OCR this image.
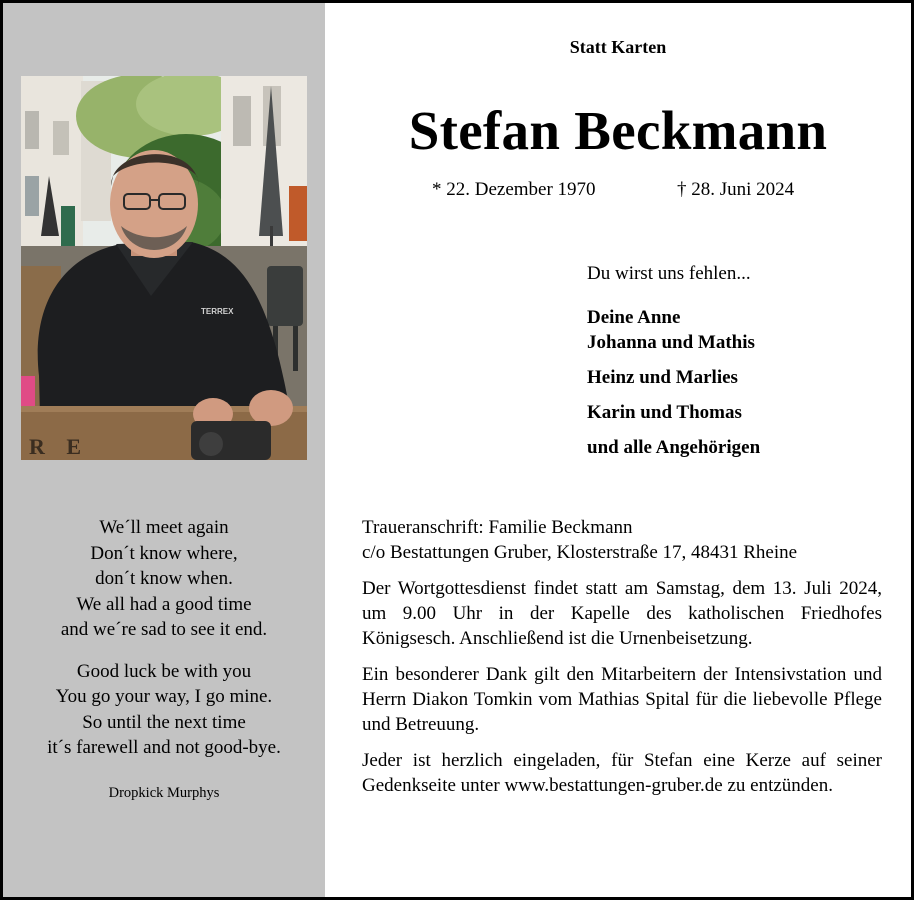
TERREX
R E
We´ll meet again
Don´t know where,
don´t know when.
We all had a good time
and we´re sad to see it end.
Good luck be with you
You go your way, I go mine.
So until the next time
it´s farewell and not good-bye.
Dropkick Murphys
Statt Karten
Stefan Beckmann
* 22. Dezember 1970	† 28. Juni 2024
Du wirst uns fehlen...
Deine Anne
Johanna und Mathis
Heinz und Marlies
Karin und Thomas
und alle Angehörigen

Traueranschrift: Familie Beckmann
c/o Bestattungen Gruber, Klosterstraße 17, 48431 Rheine

Der Wortgottesdienst findet statt am Samstag, dem 13. Juli 2024, um 9.00 Uhr in der Kapelle des katholischen Friedhofes Königsesch. Anschließend ist die Urnenbeisetzung.

Ein besonderer Dank gilt den Mitarbeitern der Intensivstation und Herrn Diakon Tomkin vom Mathias Spital für die liebevolle Pflege und Betreuung.

Jeder ist herzlich eingeladen, für Stefan eine Kerze auf seiner Gedenkseite unter www.bestattungen-gruber.de zu entzünden.
